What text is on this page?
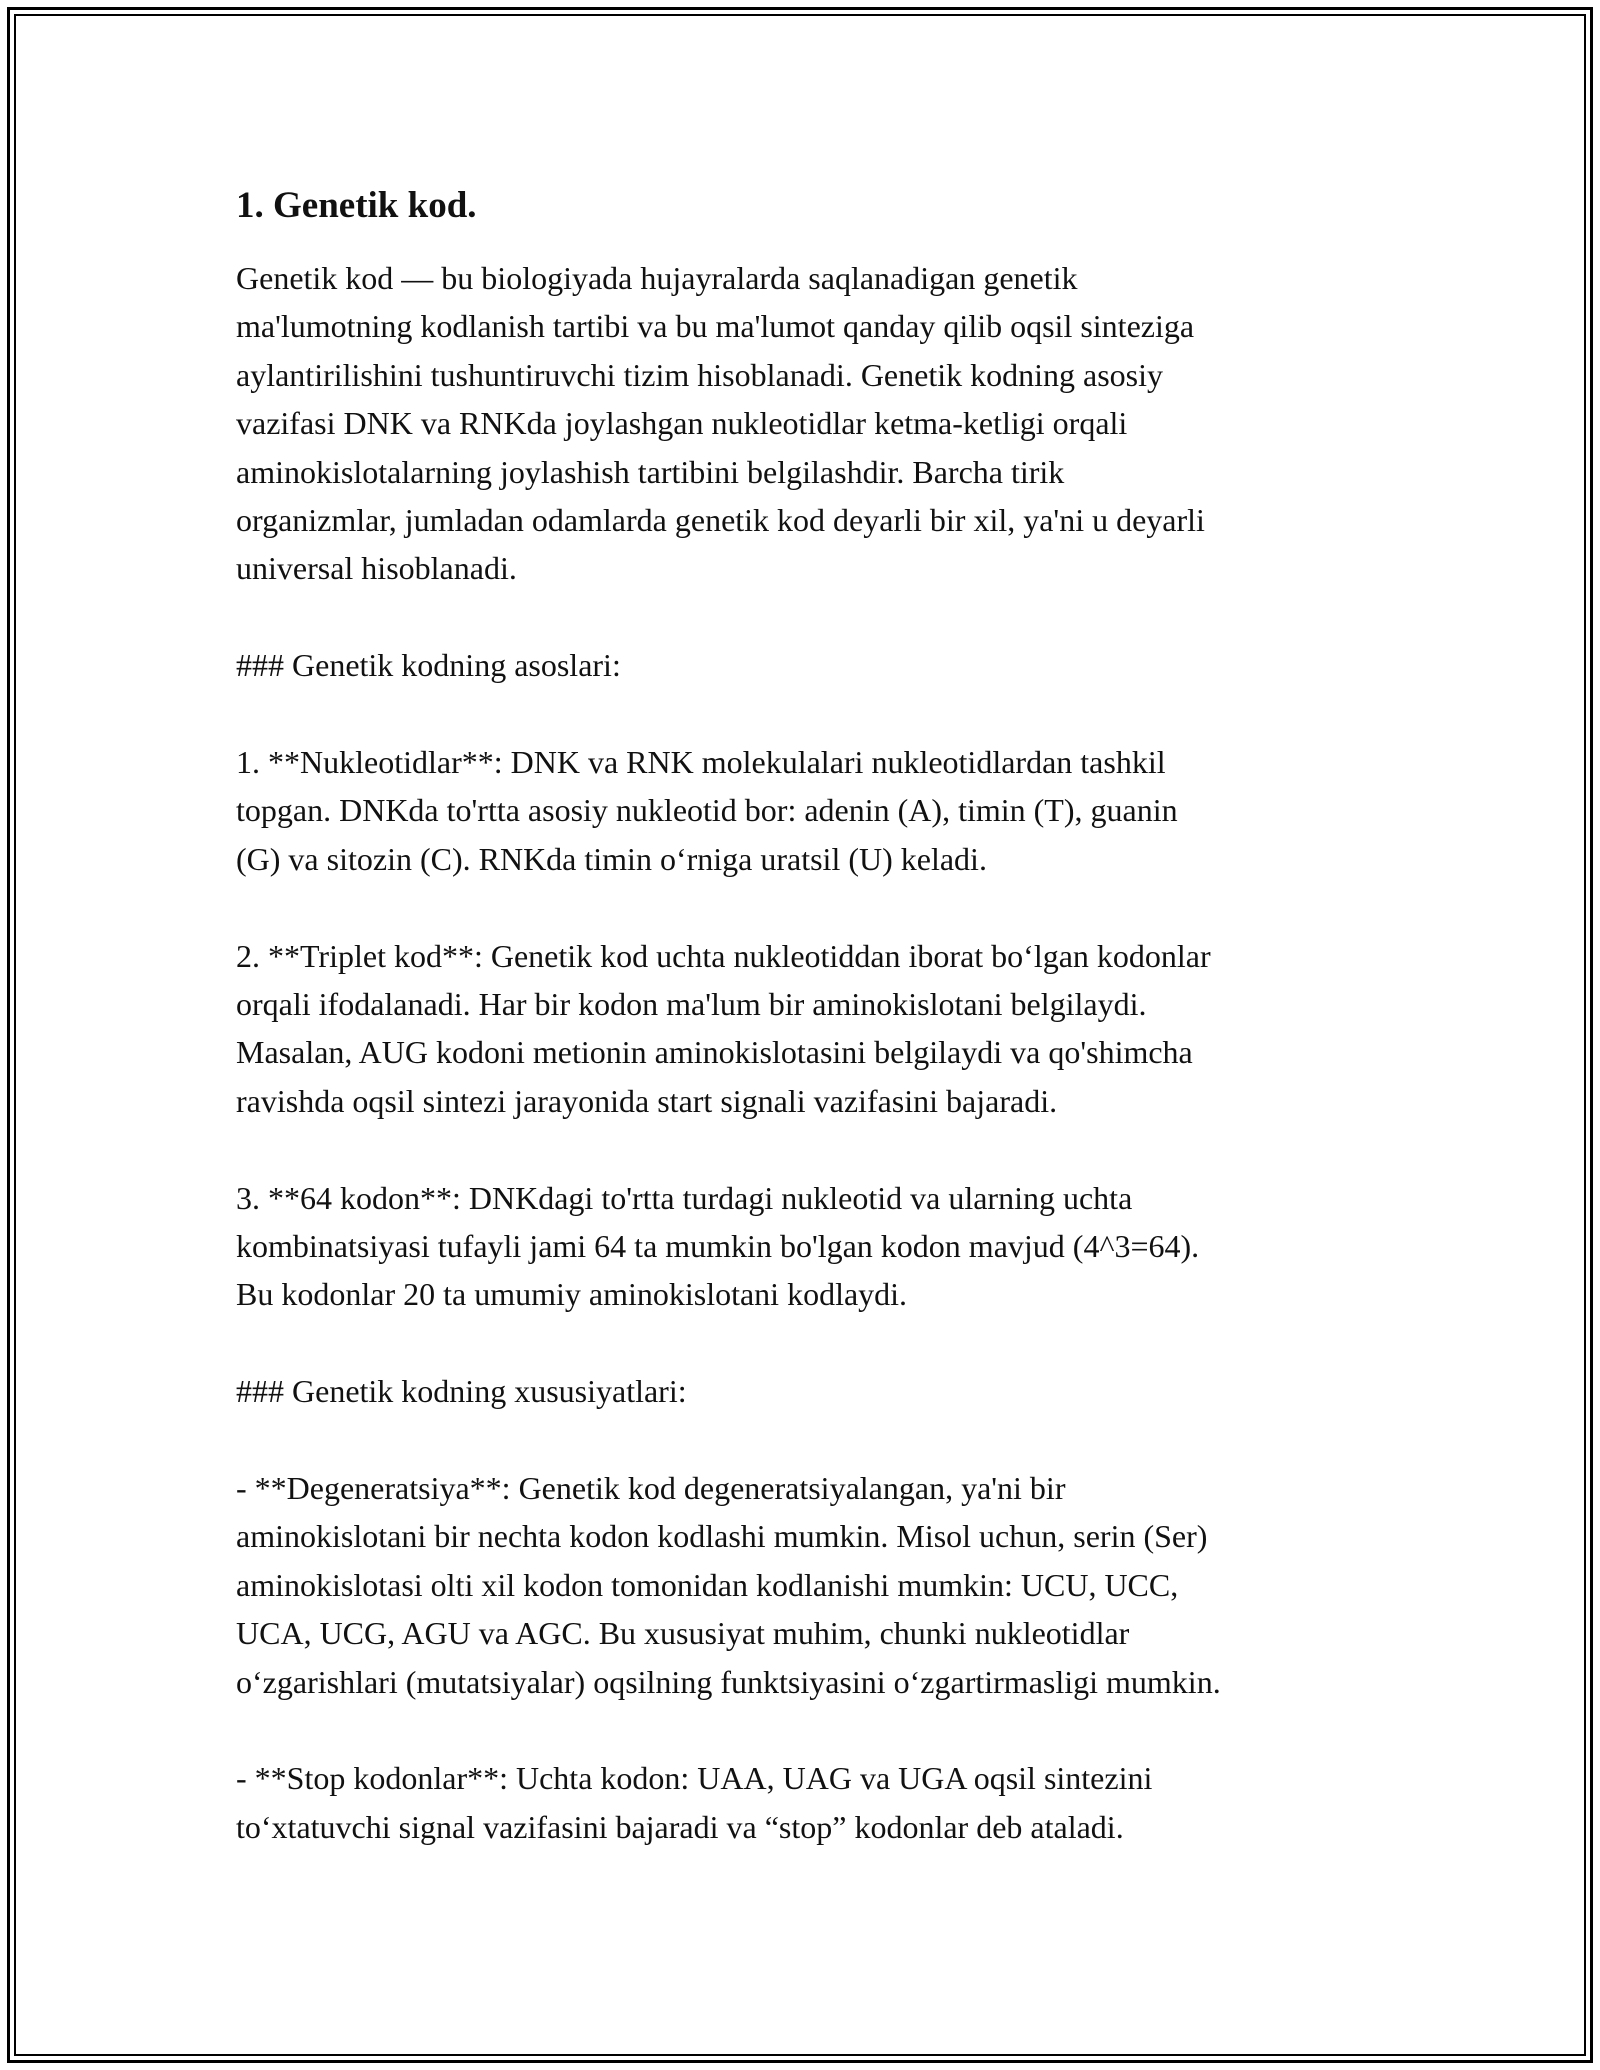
1. Genetik kod.

Genetik kod — bu biologiyada hujayralarda saqlanadigan genetik
ma'lumotning kodlanish tartibi va bu ma'lumot qanday qilib oqsil sinteziga
aylantirilishini tushuntiruvchi tizim hisoblanadi. Genetik kodning asosiy
vazifasi DNK va RNKda joylashgan nukleotidlar ketma-ketligi orqali
aminokislotalarning joylashish tartibini belgilashdir. Barcha tirik
organizmlar, jumladan odamlarda genetik kod deyarli bir xil, ya'ni u deyarli
universal hisoblanadi.

### Genetik kodning asoslari:

1. **Nukleotidlar**: DNK va RNK molekulalari nukleotidlardan tashkil
topgan. DNKda to'rtta asosiy nukleotid bor: adenin (A), timin (T), guanin
(G) va sitozin (C). RNKda timin o‘rniga uratsil (U) keladi.

2. **Triplet kod**: Genetik kod uchta nukleotiddan iborat bo‘lgan kodonlar
orqali ifodalanadi. Har bir kodon ma'lum bir aminokislotani belgilaydi.
Masalan, AUG kodoni metionin aminokislotasini belgilaydi va qo'shimcha
ravishda oqsil sintezi jarayonida start signali vazifasini bajaradi.

3. **64 kodon**: DNKdagi to'rtta turdagi nukleotid va ularning uchta
kombinatsiyasi tufayli jami 64 ta mumkin bo'lgan kodon mavjud (4^3=64).
Bu kodonlar 20 ta umumiy aminokislotani kodlaydi.

### Genetik kodning xususiyatlari:

- **Degeneratsiya**: Genetik kod degeneratsiyalangan, ya'ni bir
aminokislotani bir nechta kodon kodlashi mumkin. Misol uchun, serin (Ser)
aminokislotasi olti xil kodon tomonidan kodlanishi mumkin: UCU, UCC,
UCA, UCG, AGU va AGC. Bu xususiyat muhim, chunki nukleotidlar
o‘zgarishlari (mutatsiyalar) oqsilning funktsiyasini o‘zgartirmasligi mumkin.

- **Stop kodonlar**: Uchta kodon: UAA, UAG va UGA oqsil sintezini
to‘xtatuvchi signal vazifasini bajaradi va “stop” kodonlar deb ataladi.
